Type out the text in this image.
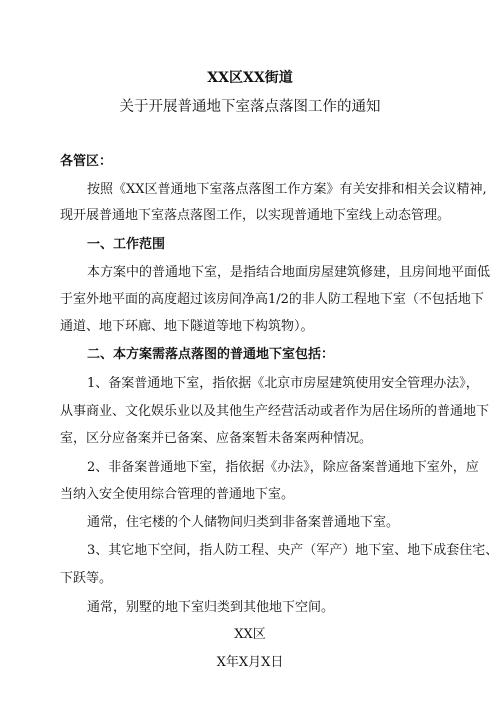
XX区XX街道
关于开展普通地下室落点落图工作的通知
各管区：
按照《XX区普通地下室落点落图工作方案》有关安排和相关会议精神,
现开展普通地下室落点落图工作，以实现普通地下室线上动态管理。
一、工作范围
本方案中的普通地下室，是指结合地面房屋建筑修建，且房间地平面低
于室外地平面的高度超过该房间净高1/2的非人防工程地下室（不包括地下
通道、地下环廊、地下隧道等地下构筑物）。
二、本方案需落点落图的普通地下室包括：
1、备案普通地下室，指依据《北京市房屋建筑使用安全管理办法》，
从事商业、文化娱乐业以及其他生产经营活动或者作为居住场所的普通地下
室，区分应备案并已备案、应备案暂未备案两种情况。
2、非备案普通地下室，指依据《办法》，除应备案普通地下室外，应
当纳入安全使用综合管理的普通地下室。
通常，住宅楼的个人储物间归类到非备案普通地下室。
3、其它地下空间，指人防工程、央产（军产）地下室、地下成套住宅、
下跃等。
通常，别墅的地下室归类到其他地下空间。
XX区
X年X月X日
